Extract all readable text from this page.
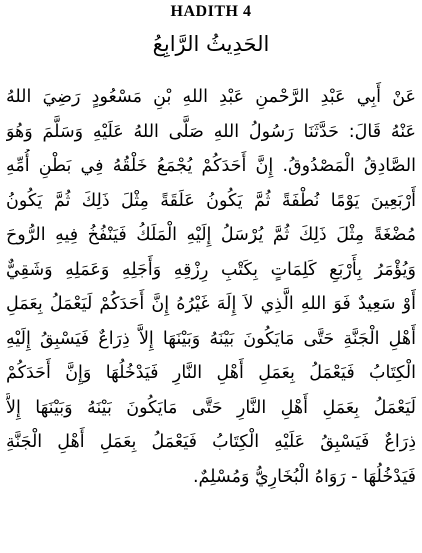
HADITH 4
الحَدِيثُ الرَّابِعُ
عَنْ أَبِي عَبْدِ الرَّحْمنِ عَبْدِ اللهِ بْنِ مَسْعُودٍ رَضِيَ اللهُ
عَنْهُ قَالَ: حَدَّثَنَا رَسُولُ اللهِ صَلَّى اللهُ عَلَيْهِ وَسَلَّمَ وَهُوَ
الصَّادِقُ الْمَصْدُوقُ. إِنَّ أَحَدَكُمْ يُجْمَعُ خَلْقُهُ فِي بَطْنِ أُمِّهِ
أَرْبَعِينَ يَوْمًا نُطْفَةً ثُمَّ يَكُونُ عَلَقَةً مِثْلَ ذَلِكَ ثُمَّ يَكُونُ
مُضْغَةً مِثْلَ ذَلِكَ ثُمَّ يُرْسَلُ إِلَيْهِ الْمَلَكُ فَيَنْفُخُ فِيهِ الرُّوحَ
وَيُؤْمَرُ بِأَرْبَعِ كَلِمَاتٍ بِكَتْبِ رِزْقِهِ وَأَجَلِهِ وَعَمَلِهِ وَشَقِيٌّ
أَوْ سَعِيدٌ فَوَ اللهِ الَّذِي لاَ إِلَهَ غَيْرُهُ إِنَّ أَحَدَكُمْ لَيَعْمَلُ بِعَمَلِ
أَهْلِ الْجَنَّةِ حَتَّى مَايَكُونَ بَيْنَهُ وَبَيْنَهَا إِلاَّ ذِرَاعٌ فَيَسْبِقُ إِلَيْهِ
الْكِتَابُ فَيَعْمَلُ بِعَمَلِ أَهْلِ النَّارِ فَيَدْخُلُهَا وَإِنَّ أَحَدَكُمْ
لَيَعْمَلُ بِعَمَلِ أَهْلِ النَّارِ حَتَّى مَايَكُونَ بَيْنَهُ وَبَيْنَهَا إِلاَّ
ذِرَاعٌ فَيَسْبِقُ عَلَيْهِ الْكِتَابُ فَيَعْمَلُ بِعَمَلِ أَهْلِ الْجَنَّةِ
فَيَدْخُلُهَا - رَوَاهُ الْبُخَارِيُّ وَمُسْلِمٌ.
